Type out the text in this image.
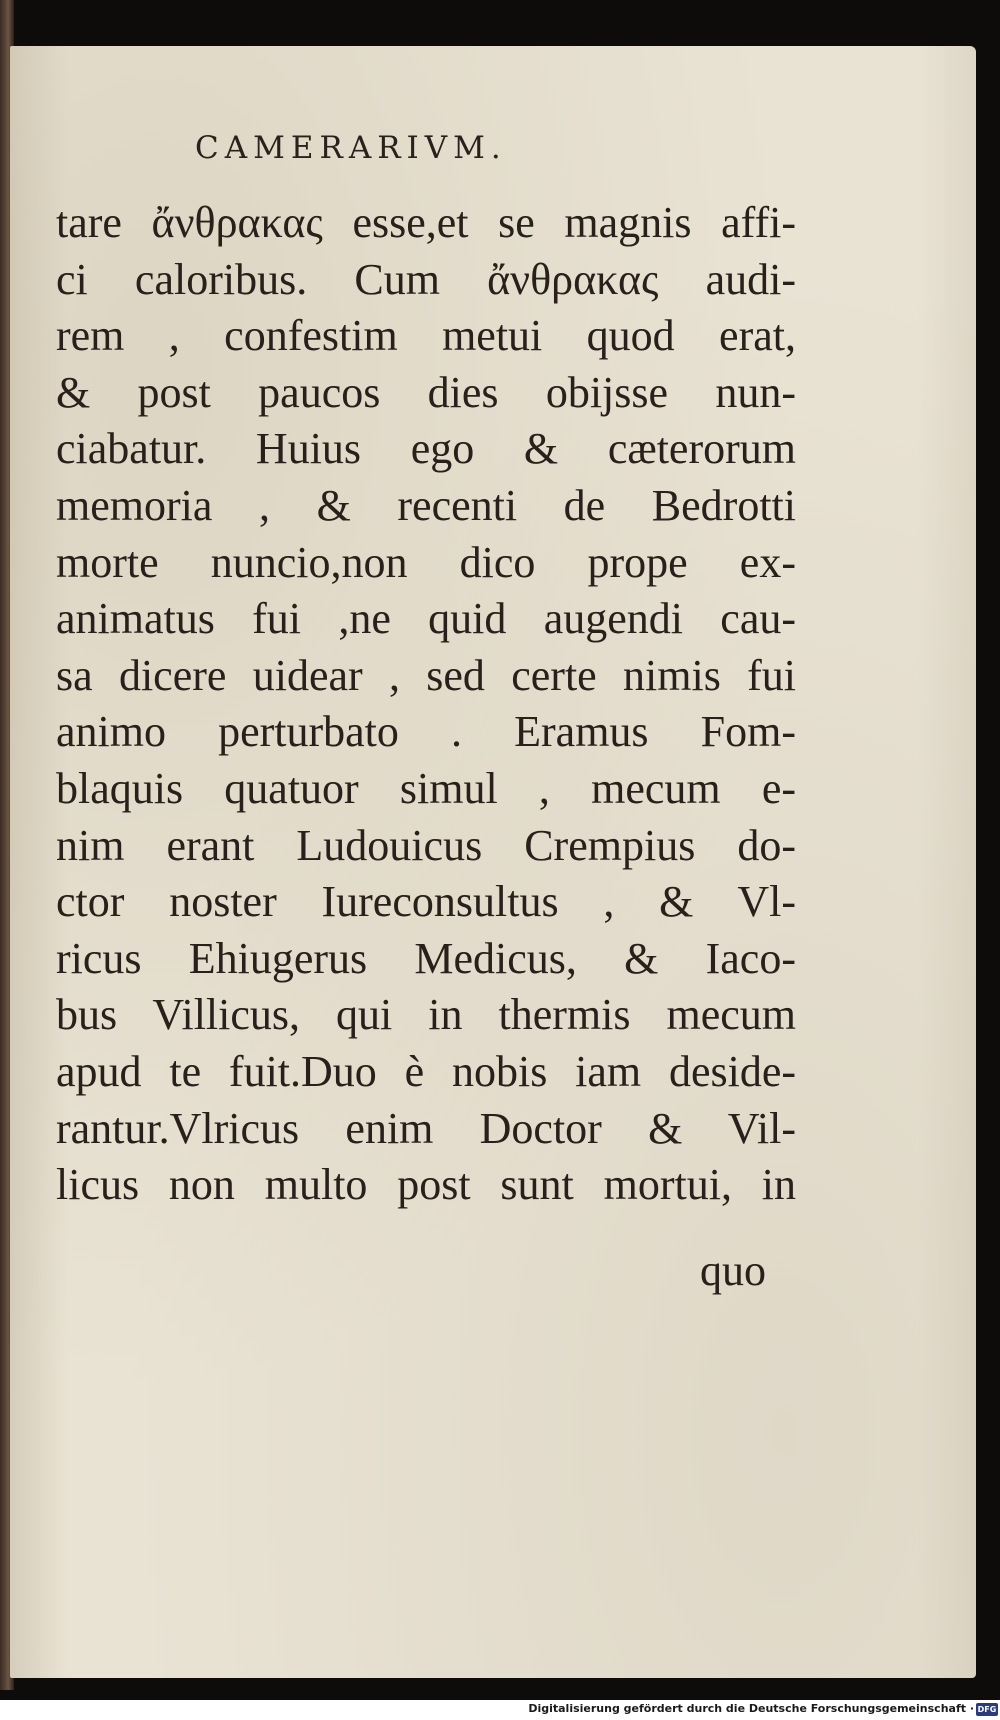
CAMERARIVM.
tare ἄνθρακας esse,et se magnis affi-
ci caloribus. Cum ἄνθρακας audi-
rem , confestim metui quod erat,
& post paucos dies obijsse nun-
ciabatur. Huius ego & cæterorum
memoria , & recenti de Bedrotti
morte nuncio,non dico prope ex-
animatus fui ,ne quid augendi cau-
sa dicere uidear , sed certe nimis fui
animo perturbato . Eramus Fom-
blaquis quatuor simul , mecum e-
nim erant Ludouicus Crempius do-
ctor noster Iureconsultus , & Vl-
ricus Ehiugerus Medicus, & Iaco-
bus Villicus, qui in thermis mecum
apud te fuit.Duo è nobis iam deside-
rantur.Vlricus enim Doctor & Vil-
licus non multo post sunt mortui, in
quo
Digitalisierung gefördert durch die Deutsche Forschungsgemeinschaft · DFG
